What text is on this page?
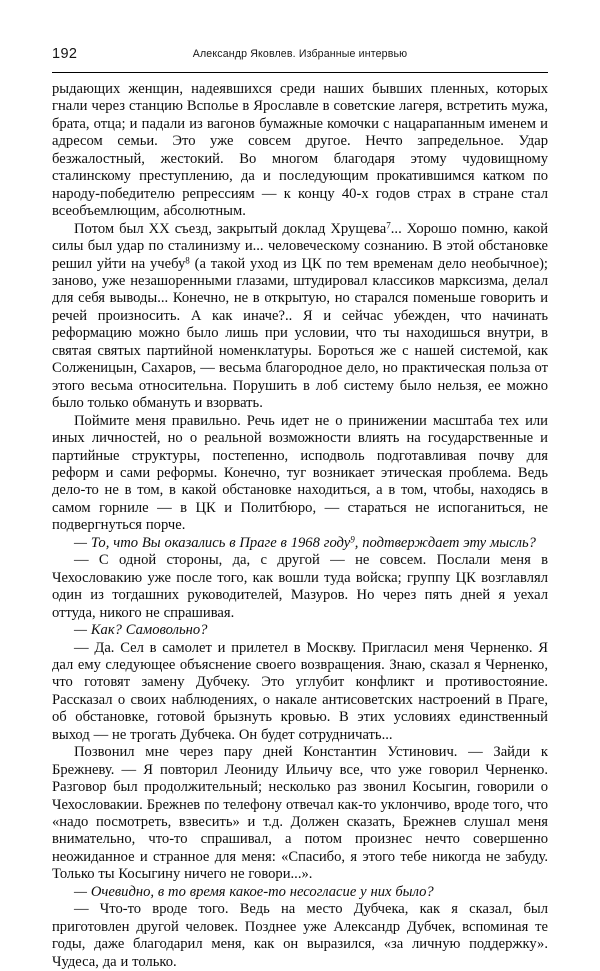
192	Александр Яковлев. Избранные интервью

рыдающих женщин, надеявшихся среди наших бывших пленных, которых гнали через станцию Всполье в Ярославле в советские лагеря, встретить мужа, брата, отца; и падали из вагонов бумажные комочки с нацарапанным именем и адресом семьи. Это уже совсем другое. Нечто запредельное. Удар безжалостный, жестокий. Во многом благодаря этому чудовищному сталинскому преступлению, да и последующим прокатившимся катком по народу-победителю репрессиям — к концу 40-х годов страх в стране стал всеобъемлющим, абсолютным.

Потом был XX съезд, закрытый доклад Хрущева$^7$... Хорошо помню, какой силы был удар по сталинизму и... человеческому сознанию. В этой обстановке решил уйти на учебу$^8$ (а такой уход из ЦК по тем временам дело необычное); заново, уже незашоренными глазами, штудировал классиков марксизма, делал для себя выводы... Конечно, не в открытую, но старался поменьше говорить и речей произносить. А как иначе?.. Я и сейчас убежден, что начинать реформацию можно было лишь при условии, что ты находишься внутри, в святая святых партийной номенклатуры. Бороться же с нашей системой, как Солженицын, Сахаров, — весьма благородное дело, но практическая польза от этого весьма относительна. Порушить в лоб систему было нельзя, ее можно было только обмануть и взорвать.

Поймите меня правильно. Речь идет не о принижении масштаба тех или иных личностей, но о реальной возможности влиять на государственные и партийные структуры, постепенно, исподволь подготавливая почву для реформ и сами реформы. Конечно, туг возникает этическая проблема. Ведь дело-то не в том, в какой обстановке находиться, а в том, чтобы, находясь в самом горниле — в ЦК и Политбюро, — стараться не испоганиться, не подвергнуться порче.

— То, что Вы оказались в Праге в 1968 году$^9$, подтверждает эту мысль?

— С одной стороны, да, с другой — не совсем. Послали меня в Чехословакию уже после того, как вошли туда войска; группу ЦК возглавлял один из тогдашних руководителей, Мазуров. Но через пять дней я уехал оттуда, никого не спрашивая.

— Как? Самовольно?

— Да. Сел в самолет и прилетел в Москву. Пригласил меня Черненко. Я дал ему следующее объяснение своего возвращения. Знаю, сказал я Черненко, что готовят замену Дубчеку. Это углубит конфликт и противостояние. Рассказал о своих наблюдениях, о накале антисоветских настроений в Праге, об обстановке, готовой брызнуть кровью. В этих условиях единственный выход — не трогать Дубчека. Он будет сотрудничать...

Позвонил мне через пару дней Константин Устинович. — Зайди к Брежневу. — Я повторил Леониду Ильичу все, что уже говорил Черненко. Разговор был продолжительный; несколько раз звонил Косыгин, говорили о Чехословакии. Брежнев по телефону отвечал как-то уклончиво, вроде того, что «надо посмотреть, взвесить» и т.д. Должен сказать, Брежнев слушал меня внимательно, что-то спрашивал, а потом произнес нечто совершенно неожиданное и странное для меня: «Спасибо, я этого тебе никогда не забуду. Только ты Косыгину ничего не говори...».

— Очевидно, в то время какое-то несогласие у них было?

— Что-то вроде того. Ведь на место Дубчека, как я сказал, был приготовлен другой человек. Позднее уже Александр Дубчек, вспоминая те годы, даже благодарил меня, как он выразился, «за личную поддержку». Чудеса, да и только.
